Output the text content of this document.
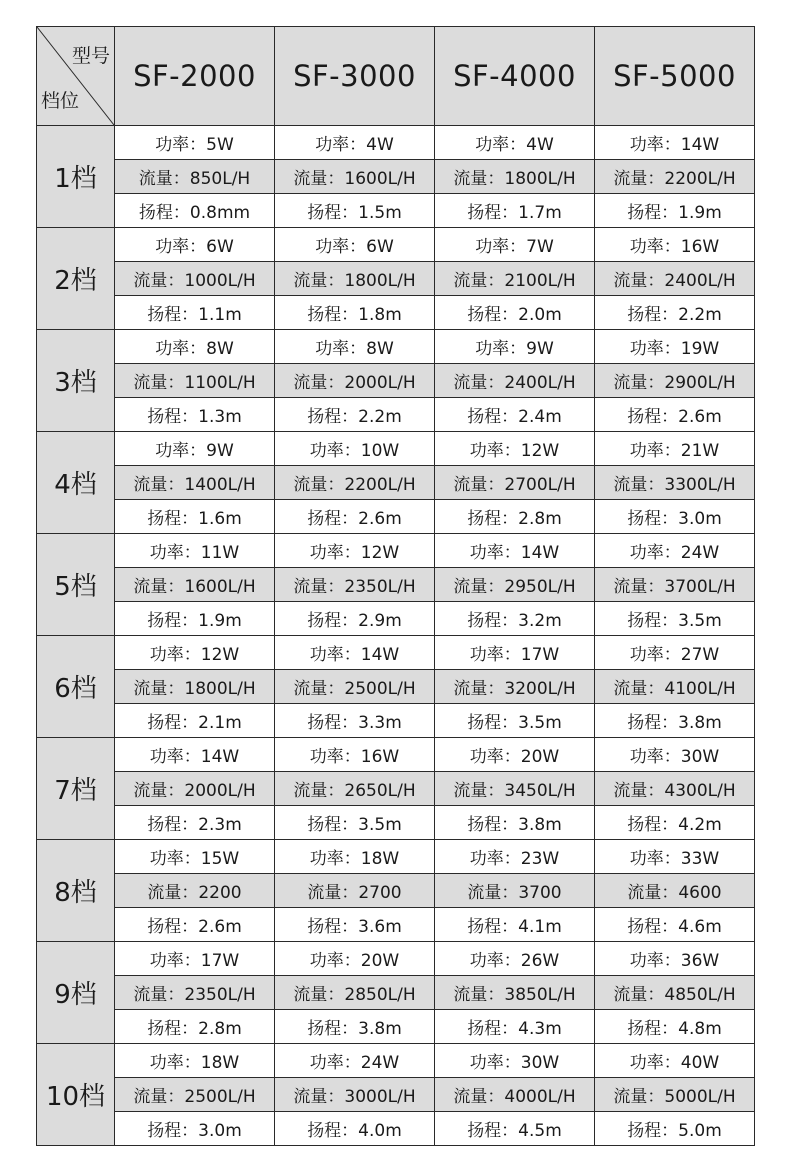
型号
档位	SF-2000	SF-3000	SF-4000	SF-5000
1档	功率：5W	功率：4W	功率：4W	功率：14W
	流量：850L/H	流量：1600L/H	流量：1800L/H	流量：2200L/H
	扬程：0.8mm	扬程：1.5m	扬程：1.7m	扬程：1.9m
2档	功率：6W	功率：6W	功率：7W	功率：16W
	流量：1000L/H	流量：1800L/H	流量：2100L/H	流量：2400L/H
	扬程：1.1m	扬程：1.8m	扬程：2.0m	扬程：2.2m
3档	功率：8W	功率：8W	功率：9W	功率：19W
	流量：1100L/H	流量：2000L/H	流量：2400L/H	流量：2900L/H
	扬程：1.3m	扬程：2.2m	扬程：2.4m	扬程：2.6m
4档	功率：9W	功率：10W	功率：12W	功率：21W
	流量：1400L/H	流量：2200L/H	流量：2700L/H	流量：3300L/H
	扬程：1.6m	扬程：2.6m	扬程：2.8m	扬程：3.0m
5档	功率：11W	功率：12W	功率：14W	功率：24W
	流量：1600L/H	流量：2350L/H	流量：2950L/H	流量：3700L/H
	扬程：1.9m	扬程：2.9m	扬程：3.2m	扬程：3.5m
6档	功率：12W	功率：14W	功率：17W	功率：27W
	流量：1800L/H	流量：2500L/H	流量：3200L/H	流量：4100L/H
	扬程：2.1m	扬程：3.3m	扬程：3.5m	扬程：3.8m
7档	功率：14W	功率：16W	功率：20W	功率：30W
	流量：2000L/H	流量：2650L/H	流量：3450L/H	流量：4300L/H
	扬程：2.3m	扬程：3.5m	扬程：3.8m	扬程：4.2m
8档	功率：15W	功率：18W	功率：23W	功率：33W
	流量：2200	流量：2700	流量：3700	流量：4600
	扬程：2.6m	扬程：3.6m	扬程：4.1m	扬程：4.6m
9档	功率：17W	功率：20W	功率：26W	功率：36W
	流量：2350L/H	流量：2850L/H	流量：3850L/H	流量：4850L/H
	扬程：2.8m	扬程：3.8m	扬程：4.3m	扬程：4.8m
10档	功率：18W	功率：24W	功率：30W	功率：40W
	流量：2500L/H	流量：3000L/H	流量：4000L/H	流量：5000L/H
	扬程：3.0m	扬程：4.0m	扬程：4.5m	扬程：5.0m
